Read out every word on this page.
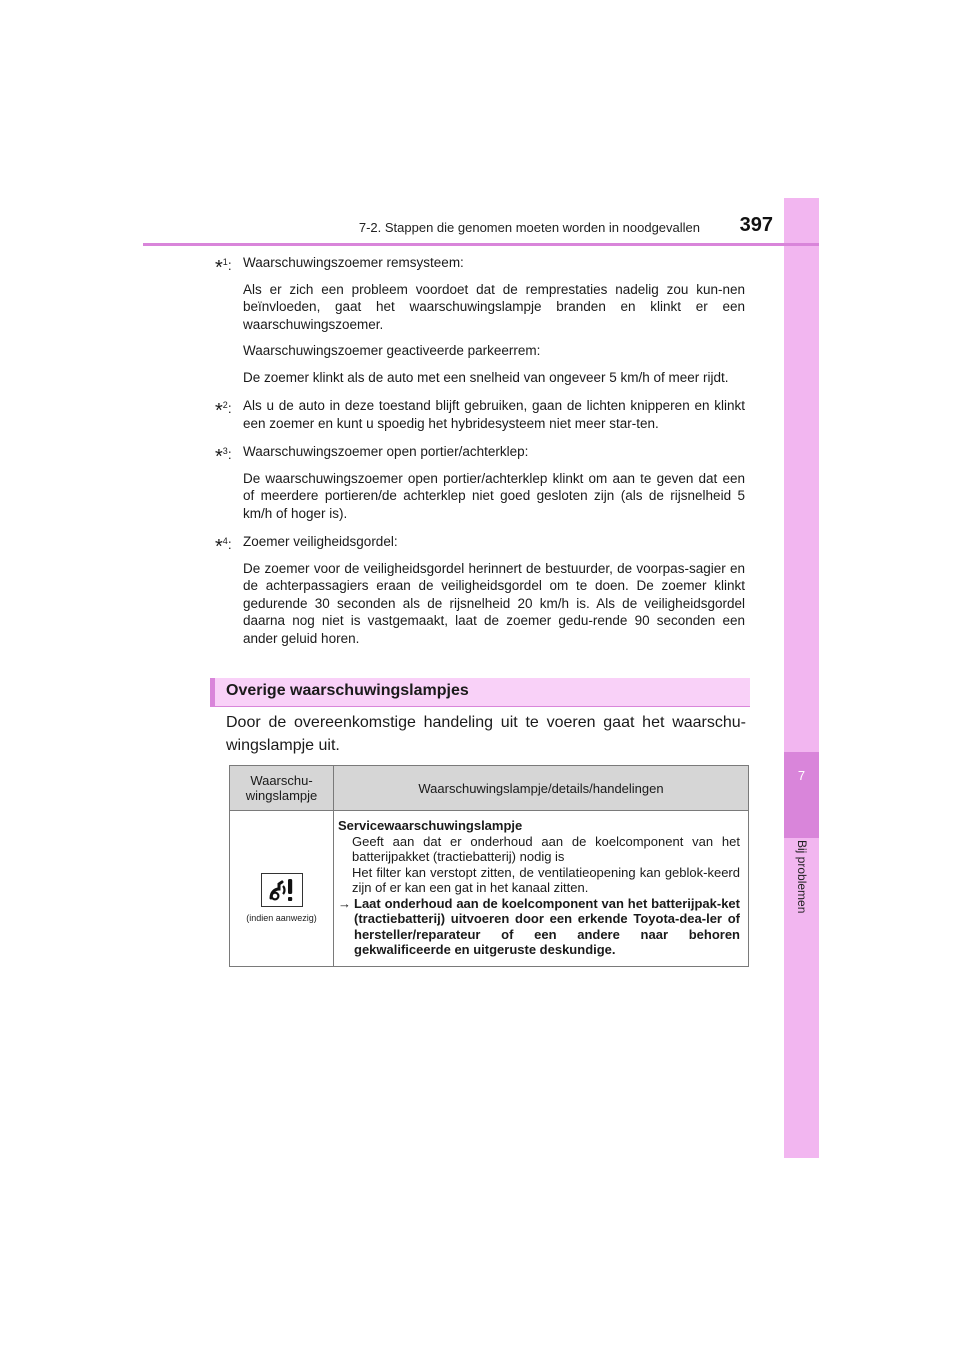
7
Bij problemen
7-2. Stappen die genomen moeten worden in noodgevallen	397
*$^1$: Waarschuwingszoemer remsysteem:

Als er zich een probleem voordoet dat de remprestaties nadelig zou kun-nen beïnvloeden, gaat het waarschuwingslampje branden en klinkt er een waarschuwingszoemer.

Waarschuwingszoemer geactiveerde parkeerrem:

De zoemer klinkt als de auto met een snelheid van ongeveer 5 km/h of meer rijdt.

*$^2$: Als u de auto in deze toestand blijft gebruiken, gaan de lichten knipperen en klinkt een zoemer en kunt u spoedig het hybridesysteem niet meer star-ten.

*$^3$: Waarschuwingszoemer open portier/achterklep:

De waarschuwingszoemer open portier/achterklep klinkt om aan te geven dat een of meerdere portieren/de achterklep niet goed gesloten zijn (als de rijsnelheid 5 km/h of hoger is).

*$^4$: Zoemer veiligheidsgordel:

De zoemer voor de veiligheidsgordel herinnert de bestuurder, de voorpas-sagier en de achterpassagiers eraan de veiligheidsgordel om te doen. De zoemer klinkt gedurende 30 seconden als de rijsnelheid 20 km/h is. Als de veiligheidsgordel daarna nog niet is vastgemaakt, laat de zoemer gedu-rende 90 seconden een ander geluid horen.

Overige waarschuwingslampjes
Door de overeenkomstige handeling uit te voeren gaat het waarschu-wingslampje uit.
Waarschu-
wingslampje	Waarschuwingslampje/details/handelingen

(indien aanwezig)	Servicewaarschuwingslampje
Geeft aan dat er onderhoud aan de koelcomponent van het batterijpakket (tractiebatterij) nodig is
Het filter kan verstopt zitten, de ventilatieopening kan geblok-keerd zijn of er kan een gat in het kanaal zitten.
→ Laat onderhoud aan de koelcomponent van het batterijpak-ket (tractiebatterij) uitvoeren door een erkende Toyota-dea-ler of hersteller/reparateur of een andere naar behoren gekwalificeerde en uitgeruste deskundige.
